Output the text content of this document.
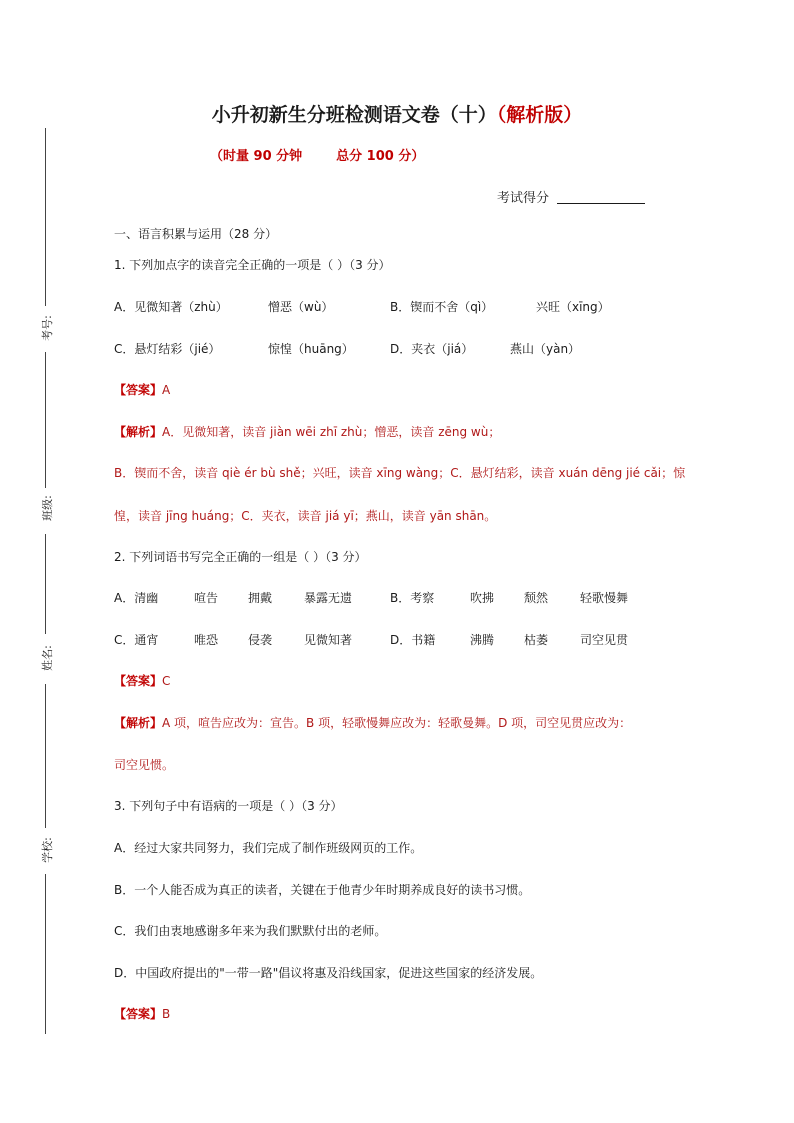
考号:
班级:
姓名:
学校:
小升初新生分班检测语文卷（十）（解析版）
（时量 90 分钟	总分 100 分）
考试得分
一、语言积累与运用（28 分）
1. 下列加点字的读音完全正确的一项是（ ）（3 分）
A．见微知著（zhù）	憎恶（wù）	B．锲而不舍（qì）	兴旺（xīng）
C．悬灯结彩（jié）	惊惶（huāng）	D．夹衣（jiá）	燕山（yàn）
【答案】A
【解析】A．见微知著，读音 jiàn wēi zhī zhù；憎恶，读音 zēng wù；
B．锲而不舍，读音 qiè ér bù shě；兴旺，读音 xīng wàng；C．悬灯结彩，读音 xuán dēng jié cǎi；惊
惶，读音 jīng huáng；C．夹衣，读音 jiá yī；燕山，读音 yān shān。
2. 下列词语书写完全正确的一组是（ ）（3 分）
A．清幽	喧告 拥戴	暴露无遗	B．考察	吹拂 颓然	轻歌慢舞
C．通宵	唯恐 侵袭	见微知著	D．书籍	沸腾 枯萎	司空见贯
【答案】C
【解析】A 项，喧告应改为：宣告。B 项，轻歌慢舞应改为：轻歌曼舞。D 项，司空见贯应改为：
司空见惯。
3. 下列句子中有语病的一项是（ ）（3 分）
A．经过大家共同努力，我们完成了制作班级网页的工作。
B．一个人能否成为真正的读者，关键在于他青少年时期养成良好的读书习惯。
C．我们由衷地感谢多年来为我们默默付出的老师。
D．中国政府提出的"一带一路"倡议将惠及沿线国家，促进这些国家的经济发展。
【答案】B
